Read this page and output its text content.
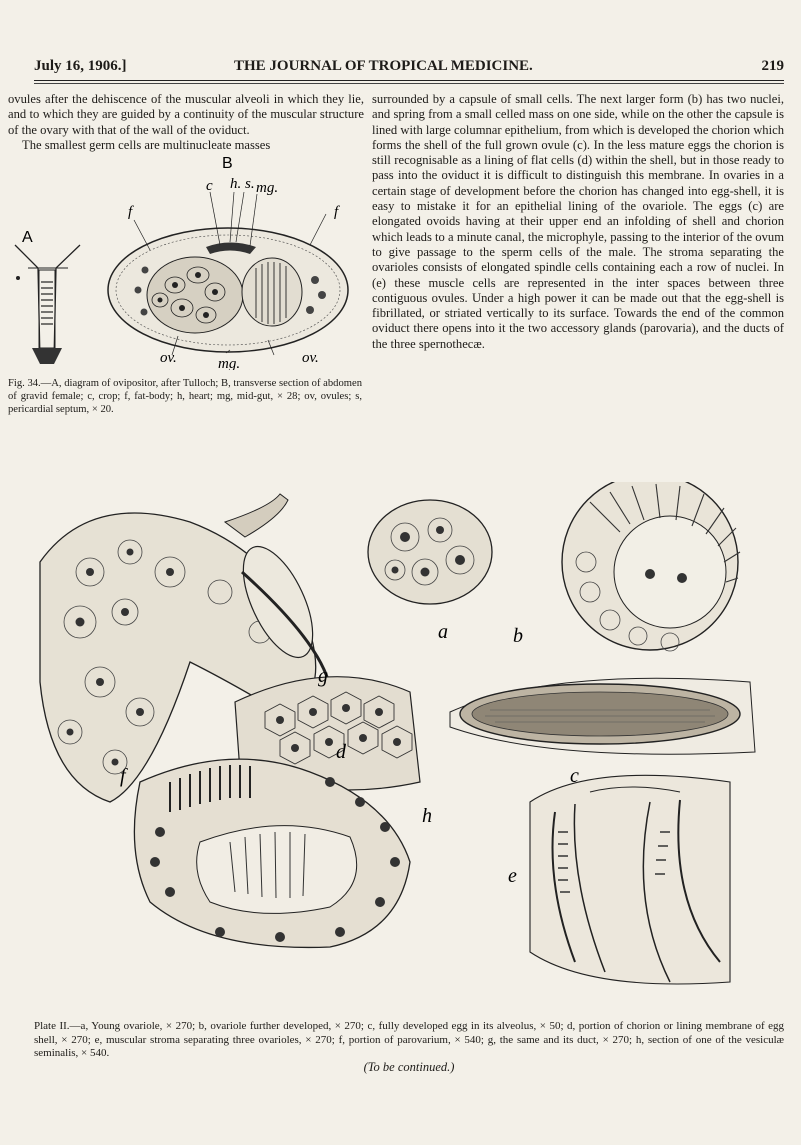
July 16, 1906.]	THE JOURNAL OF TROPICAL MEDICINE.	219

ovules after the dehiscence of the muscular alveoli in which they lie, and to which they are guided by a continuity of the muscular structure of the ovary with that of the wall of the oviduct.

The smallest germ cells are multinucleate masses

A
B
c h. s. mg.
f	f
ov.	ov.
mg.
Fig. 34.—A, diagram of ovipositor, after Tulloch; B, transverse section of abdomen of gravid female; c, crop; f, fat-body; h, heart; mg, mid-gut, × 28; ov, ovules; s, pericardial septum, × 20.
surrounded by a capsule of small cells. The next larger form (b) has two nuclei, and spring from a small celled mass on one side, while on the other the capsule is lined with large columnar epithelium, from which is developed the chorion which forms the shell of the full grown ovule (c). In the less mature eggs the chorion is still recognisable as a lining of flat cells (d) within the shell, but in those ready to pass into the oviduct it is difficult to distinguish this membrane. In ovaries in a certain stage of development before the chorion has changed into egg-shell, it is easy to mistake it for an epithelial lining of the ovariole. The eggs (c) are elongated ovoids having at their upper end an infolding of shell and chorion which leads to a minute canal, the microphyle, passing to the interior of the ovum to give passage to the sperm cells of the male. The stroma separating the ovarioles consists of elongated spindle cells containing each a row of nuclei. In (e) these muscle cells are represented in the inter spaces between three contiguous ovules. Under a high power it can be made out that the egg-shell is fibrillated, or striated vertically to its surface. Towards the end of the common oviduct there opens into it the two accessory glands (parovaria), and the ducts of the three spernothecæ.
a	b
c
d
e
f
g
h
Plate II.—a, Young ovariole, × 270; b, ovariole further developed, × 270; c, fully developed egg in its alveolus, × 50; d, portion of chorion or lining membrane of egg shell, × 270; e, muscular stroma separating three ovarioles, × 270; f, portion of parovarium, × 540; g, the same and its duct, × 270; h, section of one of the vesiculæ seminalis, × 540.
(To be continued.)
